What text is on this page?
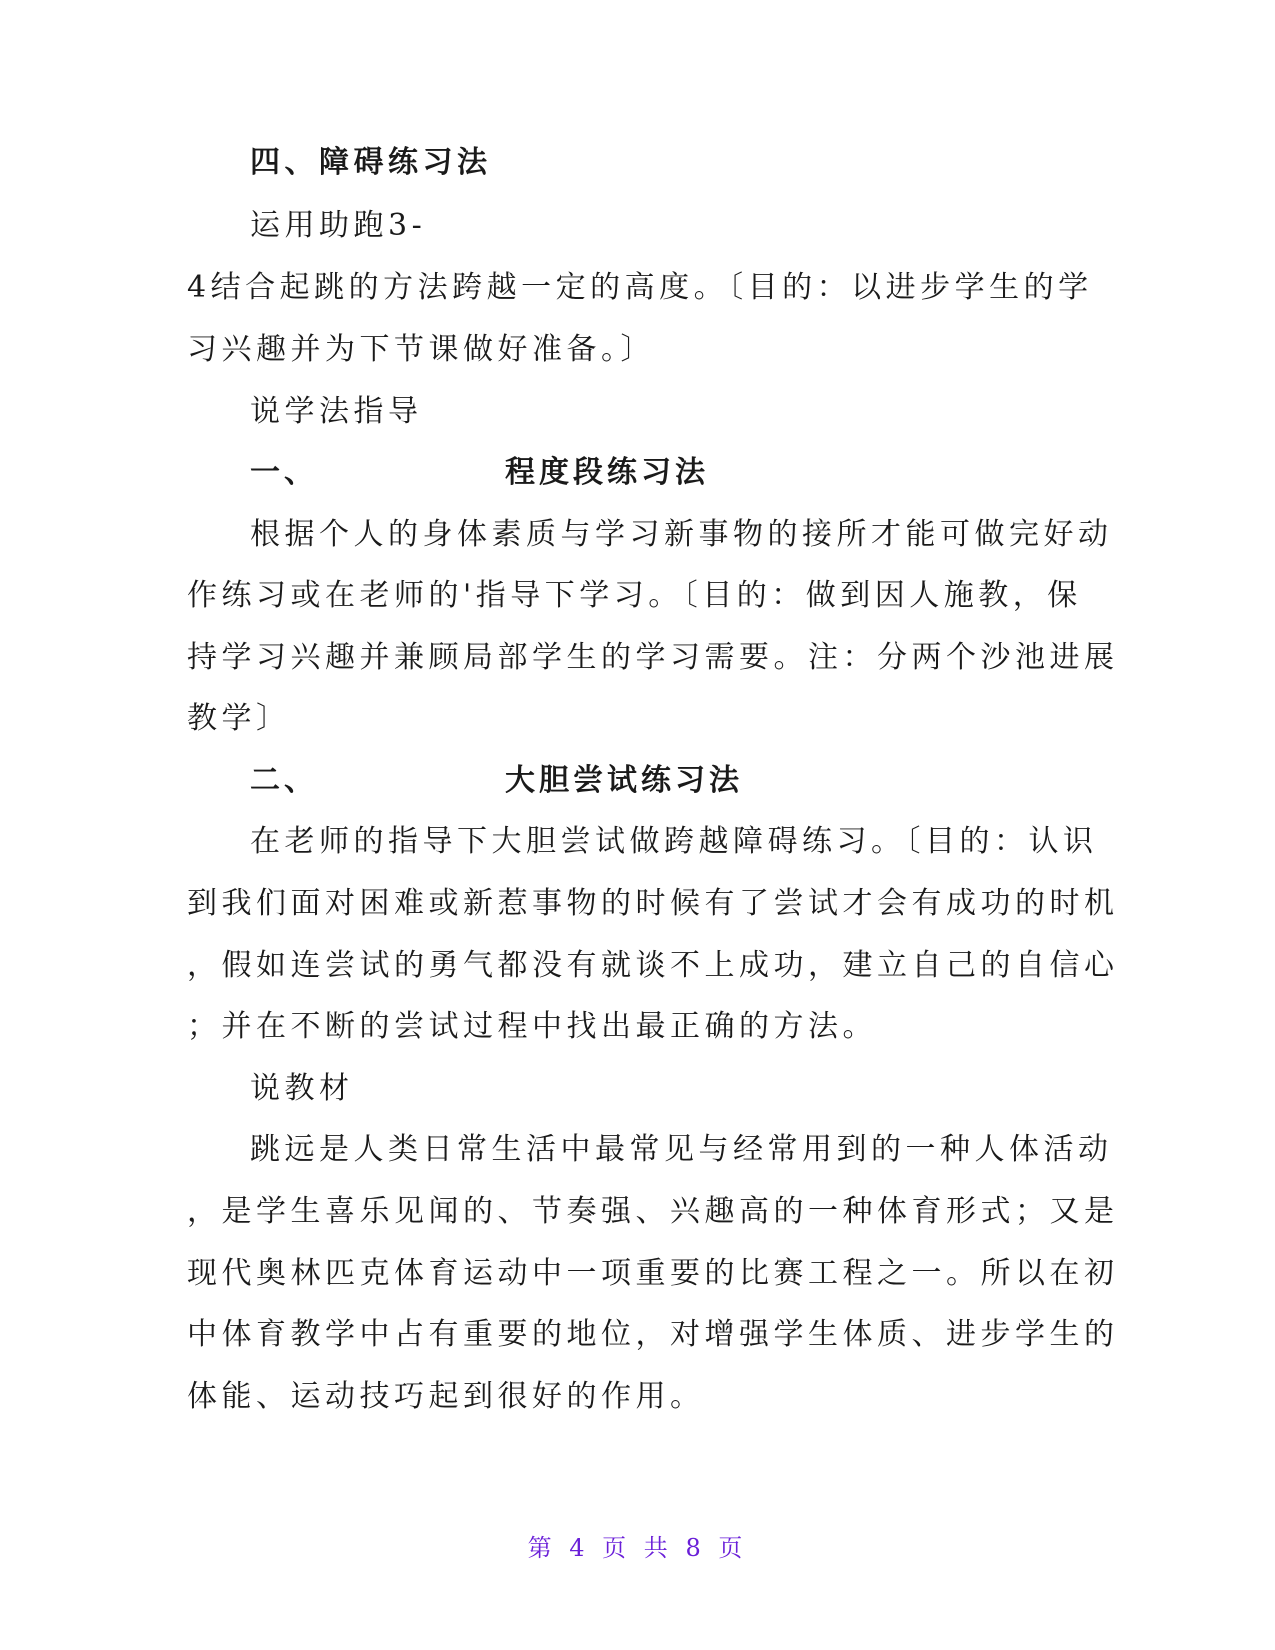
四、障碍练习法
运用助跑3-
4结合起跳的方法跨越一定的高度。〔目的：以进步学生的学
习兴趣并为下节课做好准备。〕
说学法指导
一、	程度段练习法
根据个人的身体素质与学习新事物的接所才能可做完好动
作练习或在老师的'指导下学习。〔目的：做到因人施教，保
持学习兴趣并兼顾局部学生的学习需要。注：分两个沙池进展
教学〕
二、	大胆尝试练习法
在老师的指导下大胆尝试做跨越障碍练习。〔目的：认识
到我们面对困难或新惹事物的时候有了尝试才会有成功的时机
，假如连尝试的勇气都没有就谈不上成功，建立自己的自信心
；并在不断的尝试过程中找出最正确的方法。
说教材
跳远是人类日常生活中最常见与经常用到的一种人体活动
，是学生喜乐见闻的、节奏强、兴趣高的一种体育形式；又是
现代奥林匹克体育运动中一项重要的比赛工程之一。所以在初
中体育教学中占有重要的地位，对增强学生体质、进步学生的
体能、运动技巧起到很好的作用。
第 4 页 共 8 页
